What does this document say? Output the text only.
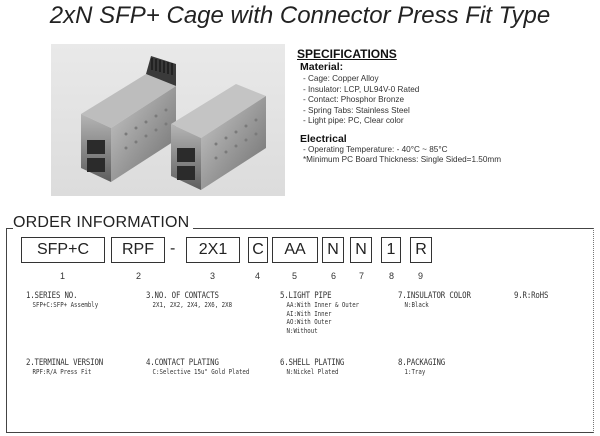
2xN SFP+ Cage with Connector Press Fit Type
SPECIFICATIONS
Material:
- Cage: Copper Alloy
- Insulator: LCP, UL94V-0 Rated
- Contact: Phosphor Bronze
- Spring Tabs: Stainless Steel
- Light pipe: PC, Clear color
Electrical
- Operating Temperature: - 40°C ~ 85°C
*Minimum PC Board Thickness: Single Sided=1.50mm
ORDER INFORMATION
SFP+C	RPF	-	2X1	C	AA	N	N	1	R
1	2	3	4	5	6	7	8	9
1.SERIES NO.
SFP+C:SFP+ Assembly
2.TERMINAL VERSION
RPF:R/A Press Fit
3.NO. OF CONTACTS
2X1, 2X2, 2X4, 2X6, 2X8
4.CONTACT PLATING
C:Selective 15u" Gold Plated
5.LIGHT PIPE
AA:With Inner & Outer
AI:With Inner
AO:With Outer
N:Without
6.SHELL PLATING
N:Nickel Plated
7.INSULATOR COLOR
N:Black
8.PACKAGING
1:Tray
9.R:RoHS
